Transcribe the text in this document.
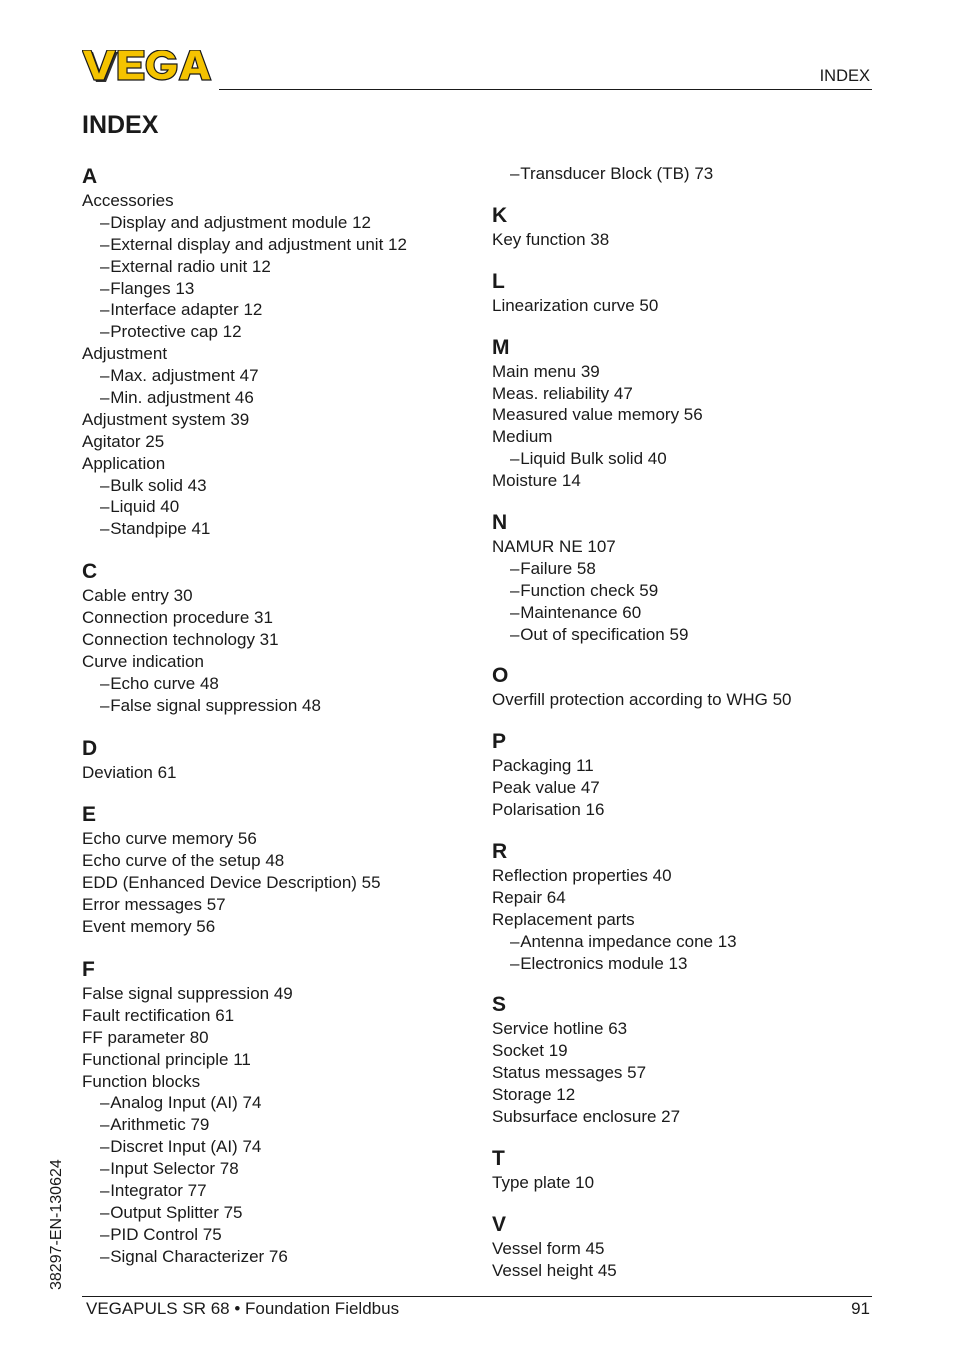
INDEX
INDEX
A
Accessories
–Display and adjustment module 12
–External display and adjustment unit 12
–External radio unit 12
–Flanges 13
–Interface adapter 12
–Protective cap 12
Adjustment
–Max. adjustment 47
–Min. adjustment 46
Adjustment system 39
Agitator 25
Application
–Bulk solid 43
–Liquid 40
–Standpipe 41
C
Cable entry 30
Connection procedure 31
Connection technology 31
Curve indication
–Echo curve 48
–False signal suppression 48
D
Deviation 61
E
Echo curve memory 56
Echo curve of the setup 48
EDD (Enhanced Device Description) 55
Error messages 57
Event memory 56
F
False signal suppression 49
Fault rectification 61
FF parameter 80
Functional principle 11
Function blocks
–Analog Input (AI) 74
–Arithmetic 79
–Discret Input (AI) 74
–Input Selector 78
–Integrator 77
–Output Splitter 75
–PID Control 75
–Signal Characterizer 76
–Transducer Block (TB) 73
K
Key function 38
L
Linearization curve 50
M
Main menu 39
Meas. reliability 47
Measured value memory 56
Medium
–Liquid Bulk solid 40
Moisture 14
N
NAMUR NE 107
–Failure 58
–Function check 59
–Maintenance 60
–Out of specification 59
O
Overfill protection according to WHG 50
P
Packaging 11
Peak value 47
Polarisation 16
R
Reflection properties 40
Repair 64
Replacement parts
–Antenna impedance cone 13
–Electronics module 13
S
Service hotline 63
Socket 19
Status messages 57
Storage 12
Subsurface enclosure 27
T
Type plate 10
V
Vessel form 45
Vessel height 45
38297-EN-130624
VEGAPULS SR 68 • Foundation Fieldbus	91
